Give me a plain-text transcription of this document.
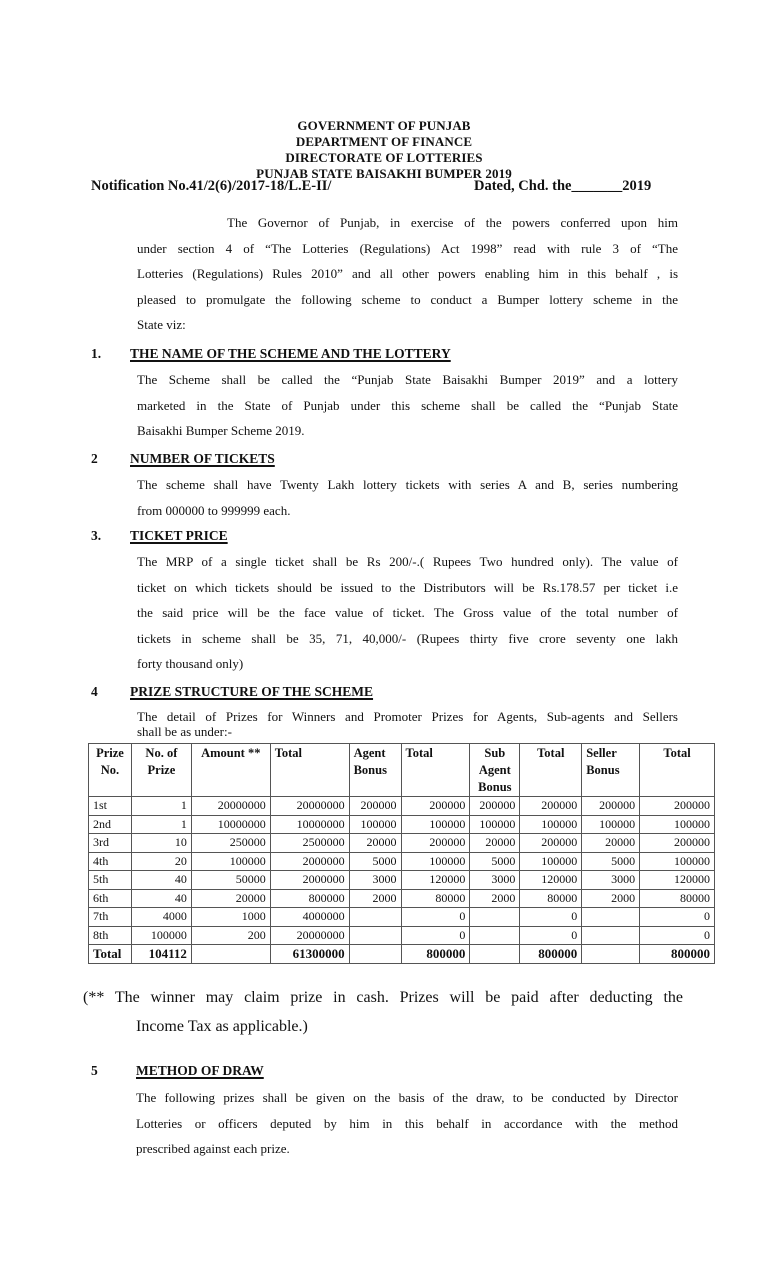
GOVERNMENT OF PUNJAB
DEPARTMENT OF FINANCE
DIRECTORATE OF LOTTERIES
PUNJAB STATE BAISAKHI BUMPER 2019
Notification No.41/2(6)/2017-18/L.E-II/	Dated, Chd. the_______2019
The Governor of Punjab, in exercise of the powers conferred upon him
under section 4 of “The Lotteries (Regulations) Act 1998” read with rule 3 of “The
Lotteries (Regulations) Rules 2010” and all other powers enabling him in this behalf , is
pleased to promulgate the following scheme to conduct a Bumper lottery scheme in the
State viz:
1. THE NAME OF THE SCHEME AND THE LOTTERY
The Scheme shall be called the “Punjab State Baisakhi Bumper 2019” and a lottery
marketed in the State of Punjab under this scheme shall be called the “Punjab State
Baisakhi Bumper Scheme 2019.
2 NUMBER OF TICKETS
The scheme shall have Twenty Lakh lottery tickets with series A and B, series numbering
from 000000 to 999999 each.
3. TICKET PRICE
The MRP of a single ticket shall be Rs 200/-.( Rupees Two hundred only). The value of
ticket on which tickets should be issued to the Distributors will be Rs.178.57 per ticket i.e
the said price will be the face value of ticket. The Gross value of the total number of
tickets in scheme shall be 35, 71, 40,000/- (Rupees thirty five crore seventy one lakh
forty thousand only)
4 PRIZE STRUCTURE OF THE SCHEME
The detail of Prizes for Winners and Promoter Prizes for Agents, Sub-agents and Sellers
shall be as under:-
Prize No.	No. of Prize	Amount **	Total	Agent Bonus	Total	Sub Agent Bonus	Total	Seller Bonus	Total
1st	1	20000000	20000000	200000	200000	200000	200000	200000	200000
2nd	1	10000000	10000000	100000	100000	100000	100000	100000	100000
3rd	10	250000	2500000	20000	200000	20000	200000	20000	200000
4th	20	100000	2000000	5000	100000	5000	100000	5000	100000
5th	40	50000	2000000	3000	120000	3000	120000	3000	120000
6th	40	20000	800000	2000	80000	2000	80000	2000	80000
7th	4000	1000	4000000		0		0		0
8th	100000	200	20000000		0		0		0
Total	104112		61300000		800000		800000		800000
(** The winner may claim prize in cash. Prizes will be paid after deducting the
Income Tax as applicable.)
5	METHOD OF DRAW
The following prizes shall be given on the basis of the draw, to be conducted by Director
Lotteries or officers deputed by him in this behalf in accordance with the method
prescribed against each prize.
